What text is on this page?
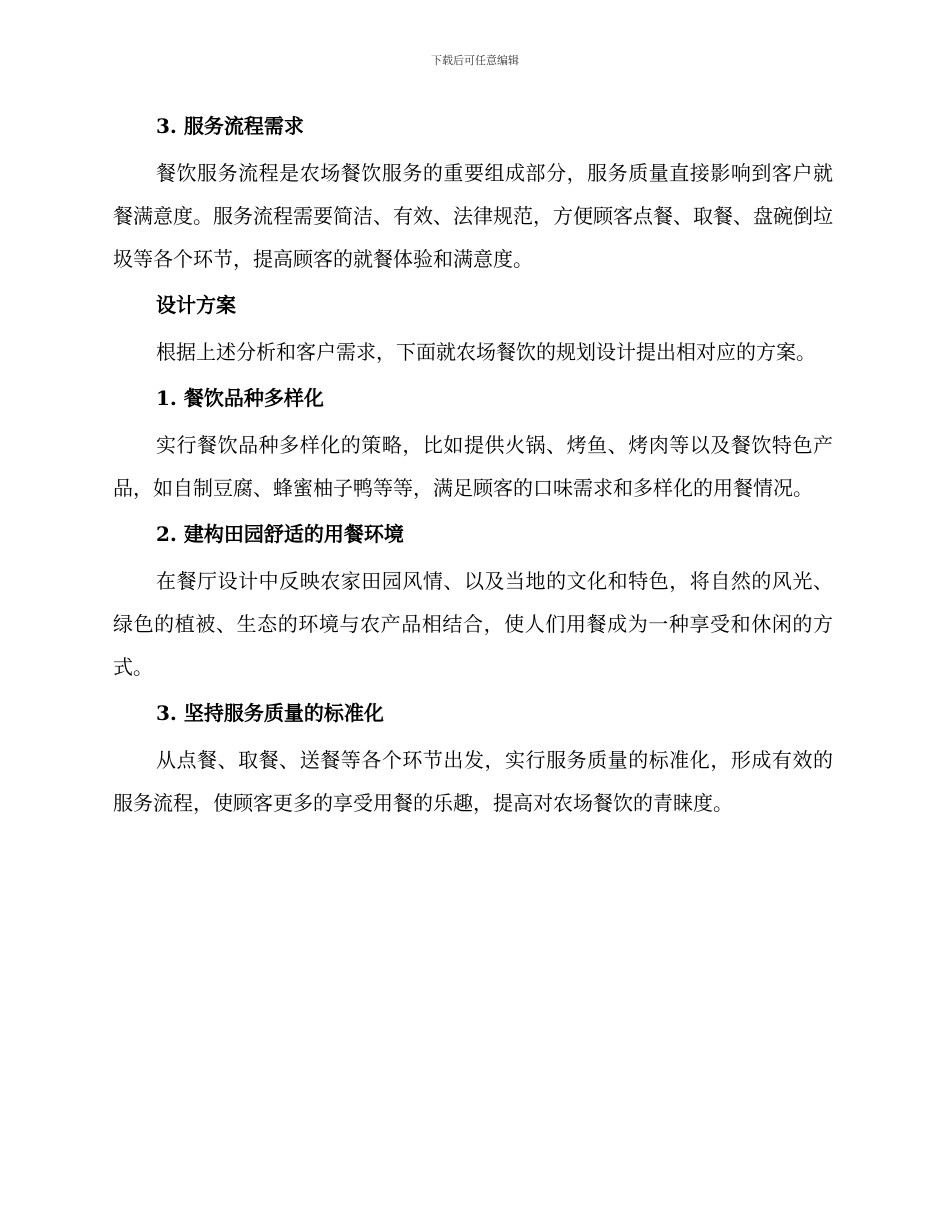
下载后可任意编辑
3. 服务流程需求

餐饮服务流程是农场餐饮服务的重要组成部分，服务质量直接影响到客户就餐满意度。服务流程需要简洁、有效、法律规范，方便顾客点餐、取餐、盘碗倒垃圾等各个环节，提高顾客的就餐体验和满意度。

设计方案

根据上述分析和客户需求，下面就农场餐饮的规划设计提出相对应的方案。

1. 餐饮品种多样化

实行餐饮品种多样化的策略，比如提供火锅、烤鱼、烤肉等以及餐饮特色产品，如自制豆腐、蜂蜜柚子鸭等等，满足顾客的口味需求和多样化的用餐情况。

2. 建构田园舒适的用餐环境

在餐厅设计中反映农家田园风情、以及当地的文化和特色，将自然的风光、绿色的植被、生态的环境与农产品相结合，使人们用餐成为一种享受和休闲的方式。

3. 坚持服务质量的标准化

从点餐、取餐、送餐等各个环节出发，实行服务质量的标准化，形成有效的服务流程，使顾客更多的享受用餐的乐趣，提高对农场餐饮的青睐度。
